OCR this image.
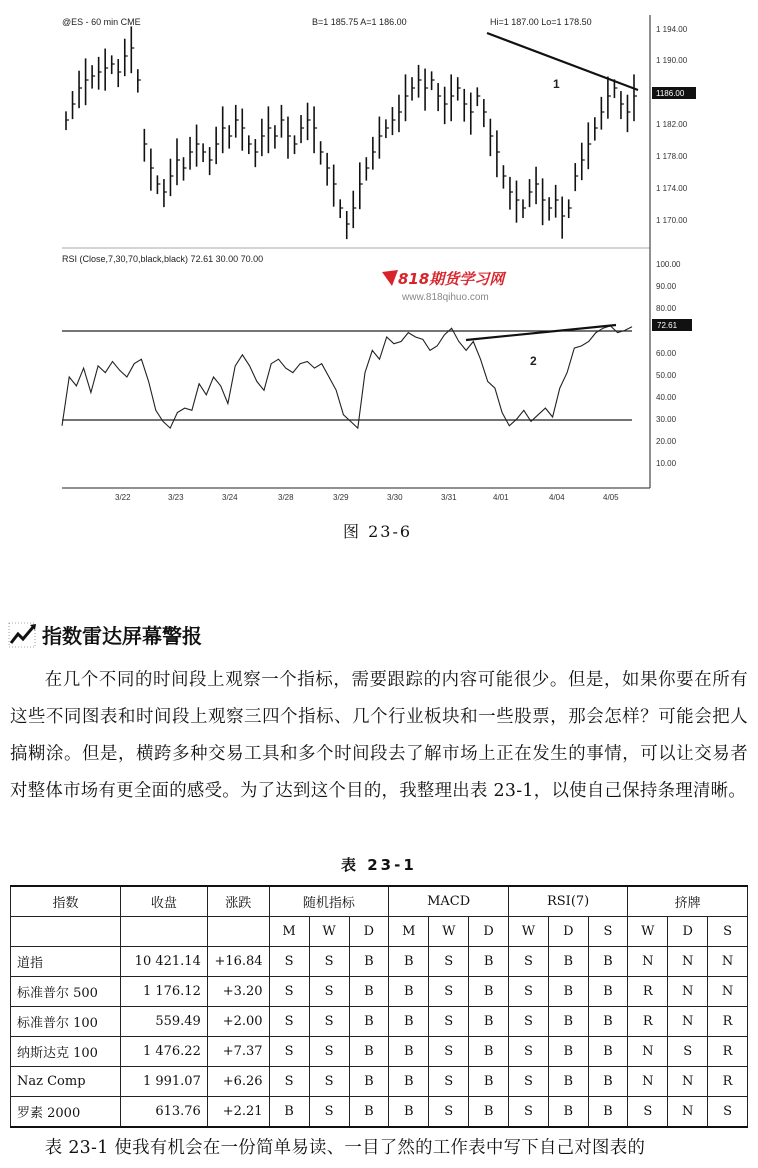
@ES - 60 min CME	B=1 185.75 A=1 186.00	Hi=1 187.00 Lo=1 178.50
1 194.00
1 190.00
1 182.00
1 178.00
1 174.00
1 170.00
1186.00
1
RSI (Close,7,30,70,black,black) 72.61 30.00 70.00
818期货学习网
www.818qihuo.com
100.00
90.00
80.00
60.00
50.00
40.00
30.00
20.00
10.00
72.61
2
3/22	3/23	3/24	3/28	3/29	3/30	3/31	4/01	4/04	4/05
图 23-6
指数雷达屏幕警报
在几个不同的时间段上观察一个指标，需要跟踪的内容可能很少。但是，如果你要在所有这些不同图表和时间段上观察三四个指标、几个行业板块和一些股票，那会怎样？可能会把人搞糊涂。但是，横跨多种交易工具和多个时间段去了解市场上正在发生的事情，可以让交易者对整体市场有更全面的感受。为了达到这个目的，我整理出表 23-1，以使自己保持条理清晰。
表 23-1
指数	收盘	涨跌	随机指标			MACD			RSI(7)			挤牌		
			M	W	D	M	W	D	W	D	S	W	D	S
道指	10 421.14	+16.84	S	S	B	B	S	B	S	B	B	N	N	N
标准普尔 500	1 176.12	+3.20	S	S	B	B	S	B	S	B	B	R	N	N
标准普尔 100	559.49	+2.00	S	S	B	B	S	B	S	B	B	R	N	R
纳斯达克 100	1 476.22	+7.37	S	S	B	B	S	B	S	B	B	N	S	R
Naz Comp	1 991.07	+6.26	S	S	B	B	S	B	S	B	B	N	N	R
罗素 2000	613.76	+2.21	B	S	B	B	S	B	S	B	B	S	N	S
表 23-1 使我有机会在一份简单易读、一目了然的工作表中写下自己对图表的
